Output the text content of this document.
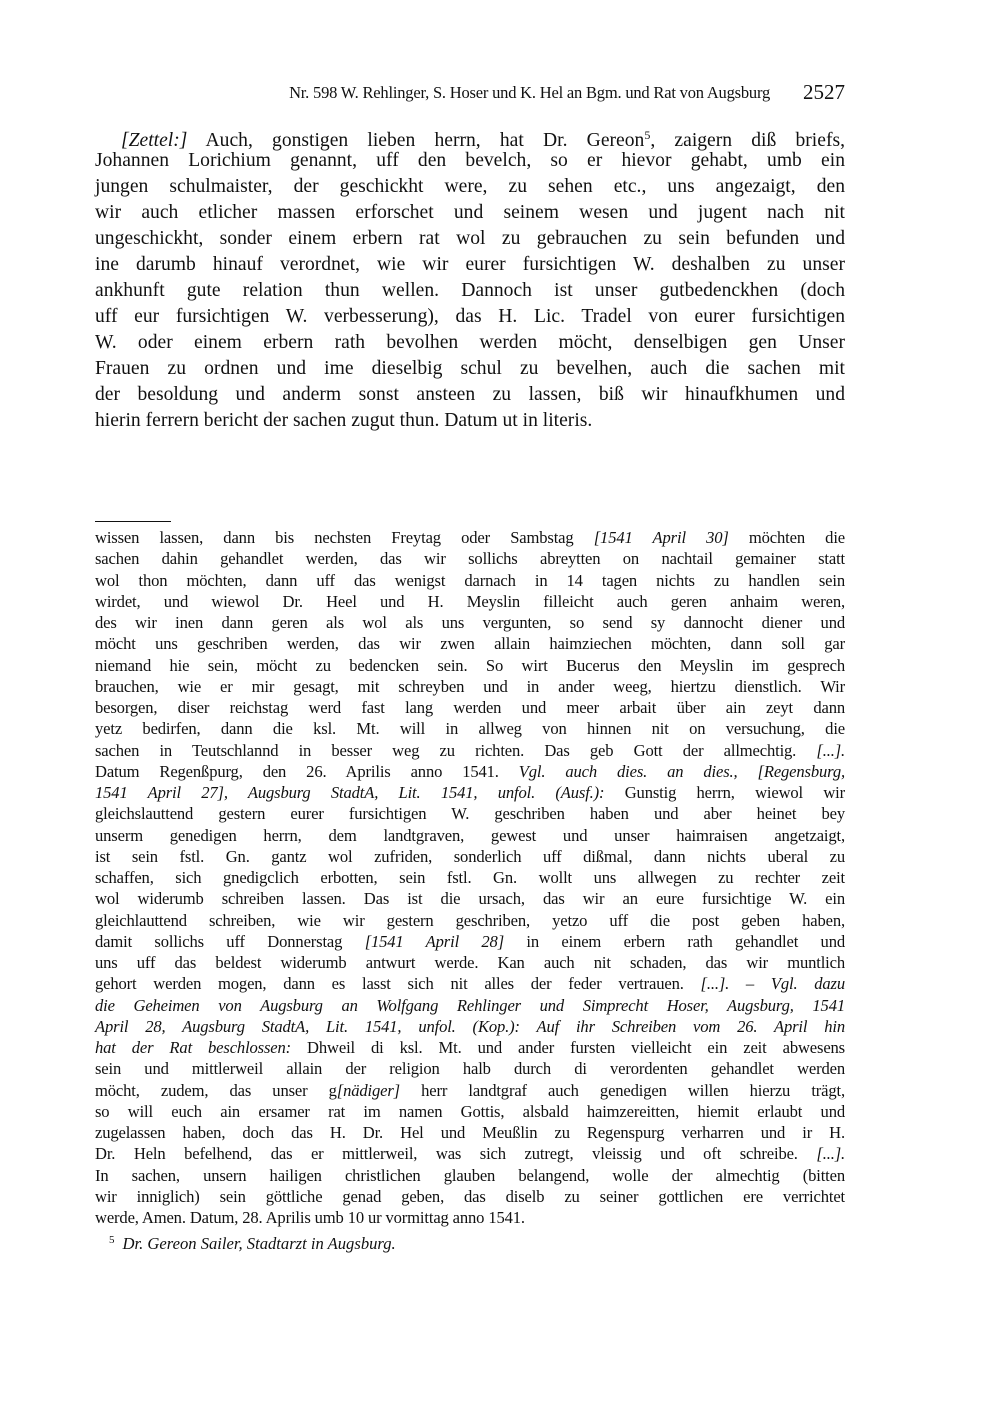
Nr. 598 W. Rehlinger, S. Hoser und K. Hel an Bgm. und Rat von Augsburg 2527
[Zettel:] Auch, gonstigen lieben herrn, hat Dr. Gereon$^5$, zaigern diß briefs,
Johannen Lorichium genannt, uff den bevelch, so er hievor gehabt, umb ein
jungen schulmaister, der geschickht were, zu sehen etc., uns angezaigt, den
wir auch etlicher massen erforschet und seinem wesen und jugent nach nit
ungeschickht, sonder einem erbern rat wol zu gebrauchen zu sein befunden und
ine darumb hinauf verordnet, wie wir eurer fursichtigen W. deshalben zu unser
ankhunft gute relation thun wellen. Dannoch ist unser gutbedenckhen (doch
uff eur fursichtigen W. verbesserung), das H. Lic. Tradel von eurer fursichtigen
W. oder einem erbern rath bevolhen werden möcht, denselbigen gen Unser
Frauen zu ordnen und ime dieselbig schul zu bevelhen, auch die sachen mit
der besoldung und anderm sonst ansteen zu lassen, biß wir hinaufkhumen und
hierin ferrern bericht der sachen zugut thun. Datum ut in literis.
wissen lassen, dann bis nechsten Freytag oder Sambstag [1541 April 30] möchten die
sachen dahin gehandlet werden, das wir sollichs abreytten on nachtail gemainer statt
wol thon möchten, dann uff das wenigst darnach in 14 tagen nichts zu handlen sein
wirdet, und wiewol Dr. Heel und H. Meyslin filleicht auch geren anhaim weren,
des wir inen dann geren als wol als uns vergunten, so send sy dannocht diener und
möcht uns geschriben werden, das wir zwen allain haimziechen möchten, dann soll gar
niemand hie sein, möcht zu bedencken sein. So wirt Bucerus den Meyslin im gesprech
brauchen, wie er mir gesagt, mit schreyben und in ander weeg, hiertzu dienstlich. Wir
besorgen, diser reichstag werd fast lang werden und meer arbait über ain zeyt dann
yetz bedirfen, dann die ksl. Mt. will in allweg von hinnen nit on versuchung, die
sachen in Teutschlannd in besser weg zu richten. Das geb Gott der allmechtig. [...].
Datum Regenßpurg, den 26. Aprilis anno 1541. Vgl. auch dies. an dies., [Regensburg,
1541 April 27], Augsburg StadtA, Lit. 1541, unfol. (Ausf.): Gunstig herrn, wiewol wir
gleichslauttend gestern eurer fursichtigen W. geschriben haben und aber heinet bey
unserm genedigen herrn, dem landtgraven, gewest und unser haimraisen angetzaigt,
ist sein fstl. Gn. gantz wol zufriden, sonderlich uff dißmal, dann nichts uberal zu
schaffen, sich gnedigclich erbotten, sein fstl. Gn. wollt uns allwegen zu rechter zeit
wol widerumb schreiben lassen. Das ist die ursach, das wir an eure fursichtige W. ein
gleichlauttend schreiben, wie wir gestern geschriben, yetzo uff die post geben haben,
damit sollichs uff Donnerstag [1541 April 28] in einem erbern rath gehandlet und
uns uff das beldest widerumb antwurt werde. Kan auch nit schaden, das wir muntlich
gehort werden mogen, dann es lasst sich nit alles der feder vertrauen. [...]. – Vgl. dazu
die Geheimen von Augsburg an Wolfgang Rehlinger und Simprecht Hoser, Augsburg, 1541
April 28, Augsburg StadtA, Lit. 1541, unfol. (Kop.): Auf ihr Schreiben vom 26. April hin
hat der Rat beschlossen: Dhweil di ksl. Mt. und ander fursten vielleicht ein zeit abwesens
sein und mittlerweil allain der religion halb durch di verordenten gehandlet werden
möcht, zudem, das unser g[nädiger] herr landtgraf auch genedigen willen hierzu trägt,
so will euch ain ersamer rat im namen Gottis, alsbald haimzereitten, hiemit erlaubt und
zugelassen haben, doch das H. Dr. Hel und Meußlin zu Regenspurg verharren und ir H.
Dr. Heln befelhend, das er mittlerweil, was sich zutregt, vleissig und oft schreibe. [...].
In sachen, unsern hailigen christlichen glauben belangend, wolle der almechtig (bitten
wir inniglich) sein göttliche genad geben, das diselb zu seiner gottlichen ere verrichtet
werde, Amen. Datum, 28. Aprilis umb 10 ur vormittag anno 1541.
$^5$ Dr. Gereon Sailer, Stadtarzt in Augsburg.
